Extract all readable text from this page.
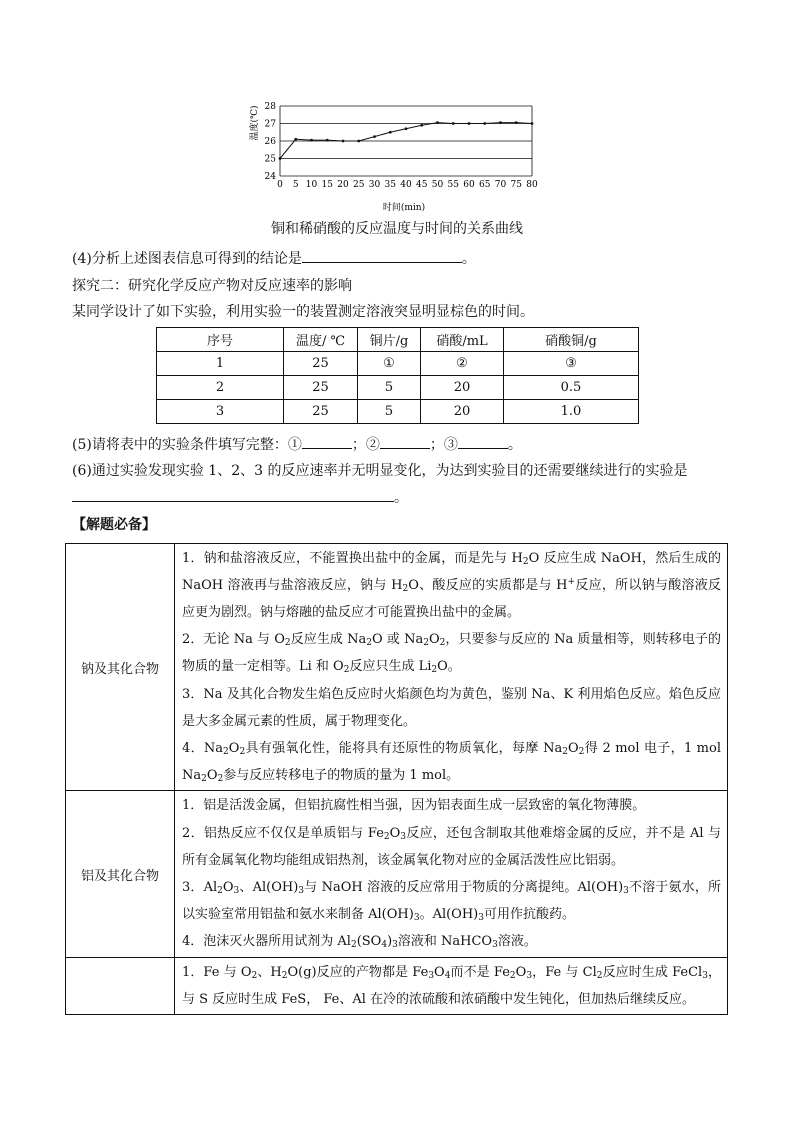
24
25
26
27
28
0 5 10 15 20 25 30 35 40 45 50 55 60 65 70 75 80
温度(℃)
时间(min)
铜和稀硝酸的反应温度与时间的关系曲线
(4)分析上述图表信息可得到的结论是	。
探究二：研究化学反应产物对反应速率的影响
某同学设计了如下实验，利用实验一的装置测定溶液突显明显棕色的时间。
序号	温度/ ℃	铜片/g	硝酸/mL	硝酸铜/g
1	25	①	②	③
2	25	5	20	0.5
3	25	5	20	1.0
(5)请将表中的实验条件填写完整：①	；②	；③	。
(6)通过实验发现实验 1、2、3 的反应速率并无明显变化，为达到实验目的还需要继续进行的实验是
。
【解题必备】
钠及其化合物	1．钠和盐溶液反应，不能置换出盐中的金属，而是先与 $H_2O$ 反应生成 NaOH，然后生成的 NaOH 溶液再与盐溶液反应，钠与 $H_2O$、酸反应的实质都是与 H+反应，所以钠与酸溶液反应更为剧烈。钠与熔融的盐反应才可能置换出盐中的金属。

2．无论 Na 与 $O_2$反应生成 $Na_2O$ 或 $Na_2O_2$，只要参与反应的 Na 质量相等，则转移电子的物质的量一定相等。Li 和 $O_2$反应只生成 $Li_2O$。

3．Na 及其化合物发生焰色反应时火焰颜色均为黄色，鉴别 Na、K 利用焰色反应。焰色反应是大多金属元素的性质，属于物理变化。

4．$Na_2O_2$具有强氧化性，能将具有还原性的物质氧化，每摩 $Na_2O_2$得 2 mol 电子，1 mol $Na_2O_2$参与反应转移电子的物质的量为 1 mol。

铝及其化合物	1．铝是活泼金属，但铝抗腐性相当强，因为铝表面生成一层致密的氧化物薄膜。

2．铝热反应不仅仅是单质铝与 $Fe_2O_3$反应，还包含制取其他难熔金属的反应，并不是 Al 与所有金属氧化物均能组成铝热剂，该金属氧化物对应的金属活泼性应比铝弱。

3．$Al_2O_3$、$Al(OH)_3$与 NaOH 溶液的反应常用于物质的分离提纯。$Al(OH)_3$不溶于氨水，所以实验室常用铝盐和氨水来制备 $Al(OH)_3$。$Al(OH)_3$可用作抗酸药。

4．泡沫灭火器所用试剂为 $Al_2(SO_4)_3$溶液和 NaHCO$_3$溶液。

	1．Fe 与 $O_2$、$H_2O(g)$反应的产物都是 $Fe_3O_4$而不是 $Fe_2O_3$，Fe 与 $Cl_2$反应时生成 FeCl$_3$，与 S 反应时生成 FeS， Fe、Al 在冷的浓硫酸和浓硝酸中发生钝化，但加热后继续反应。
